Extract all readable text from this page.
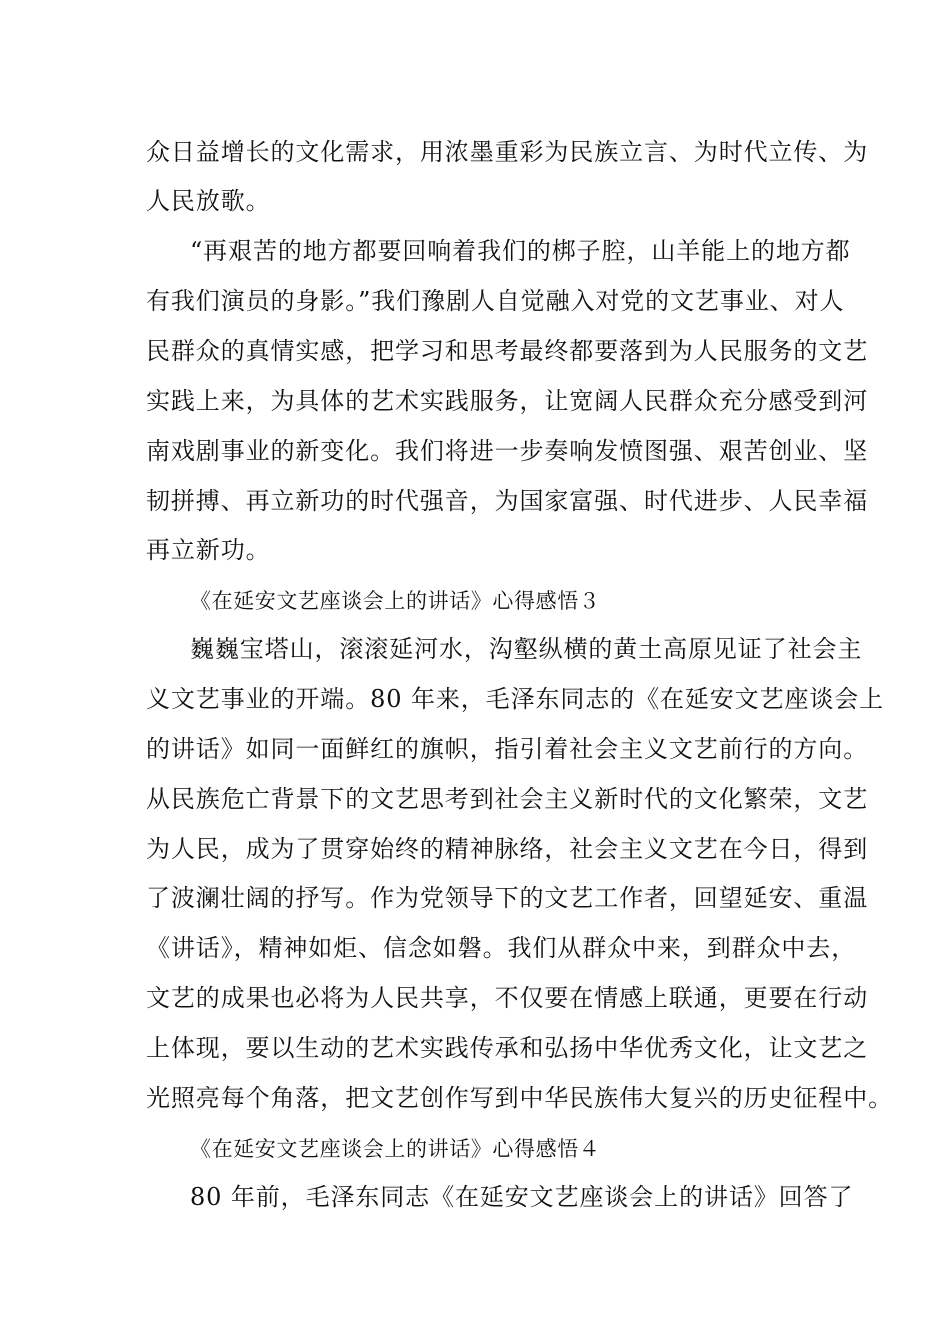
众日益增长的文化需求，用浓墨重彩为民族立言、为时代立传、为
人民放歌。
“再艰苦的地方都要回响着我们的梆子腔，山羊能上的地方都
有我们演员的身影。”我们豫剧人自觉融入对党的文艺事业、对人
民群众的真情实感，把学习和思考最终都要落到为人民服务的文艺
实践上来，为具体的艺术实践服务，让宽阔人民群众充分感受到河
南戏剧事业的新变化。我们将进一步奏响发愤图强、艰苦创业、坚
韧拼搏、再立新功的时代强音，为国家富强、时代进步、人民幸福
再立新功。
《在延安文艺座谈会上的讲话》心得感悟３
巍巍宝塔山，滚滚延河水，沟壑纵横的黄土高原见证了社会主
义文艺事业的开端。80 年来，毛泽东同志的《在延安文艺座谈会上
的讲话》如同一面鲜红的旗帜，指引着社会主义文艺前行的方向。
从民族危亡背景下的文艺思考到社会主义新时代的文化繁荣，文艺
为人民，成为了贯穿始终的精神脉络，社会主义文艺在今日，得到
了波澜壮阔的抒写。作为党领导下的文艺工作者，回望延安、重温
《讲话》，精神如炬、信念如磐。我们从群众中来，到群众中去，
文艺的成果也必将为人民共享，不仅要在情感上联通，更要在行动
上体现，要以生动的艺术实践传承和弘扬中华优秀文化，让文艺之
光照亮每个角落，把文艺创作写到中华民族伟大复兴的历史征程中。
《在延安文艺座谈会上的讲话》心得感悟４
80 年前，毛泽东同志《在延安文艺座谈会上的讲话》回答了
